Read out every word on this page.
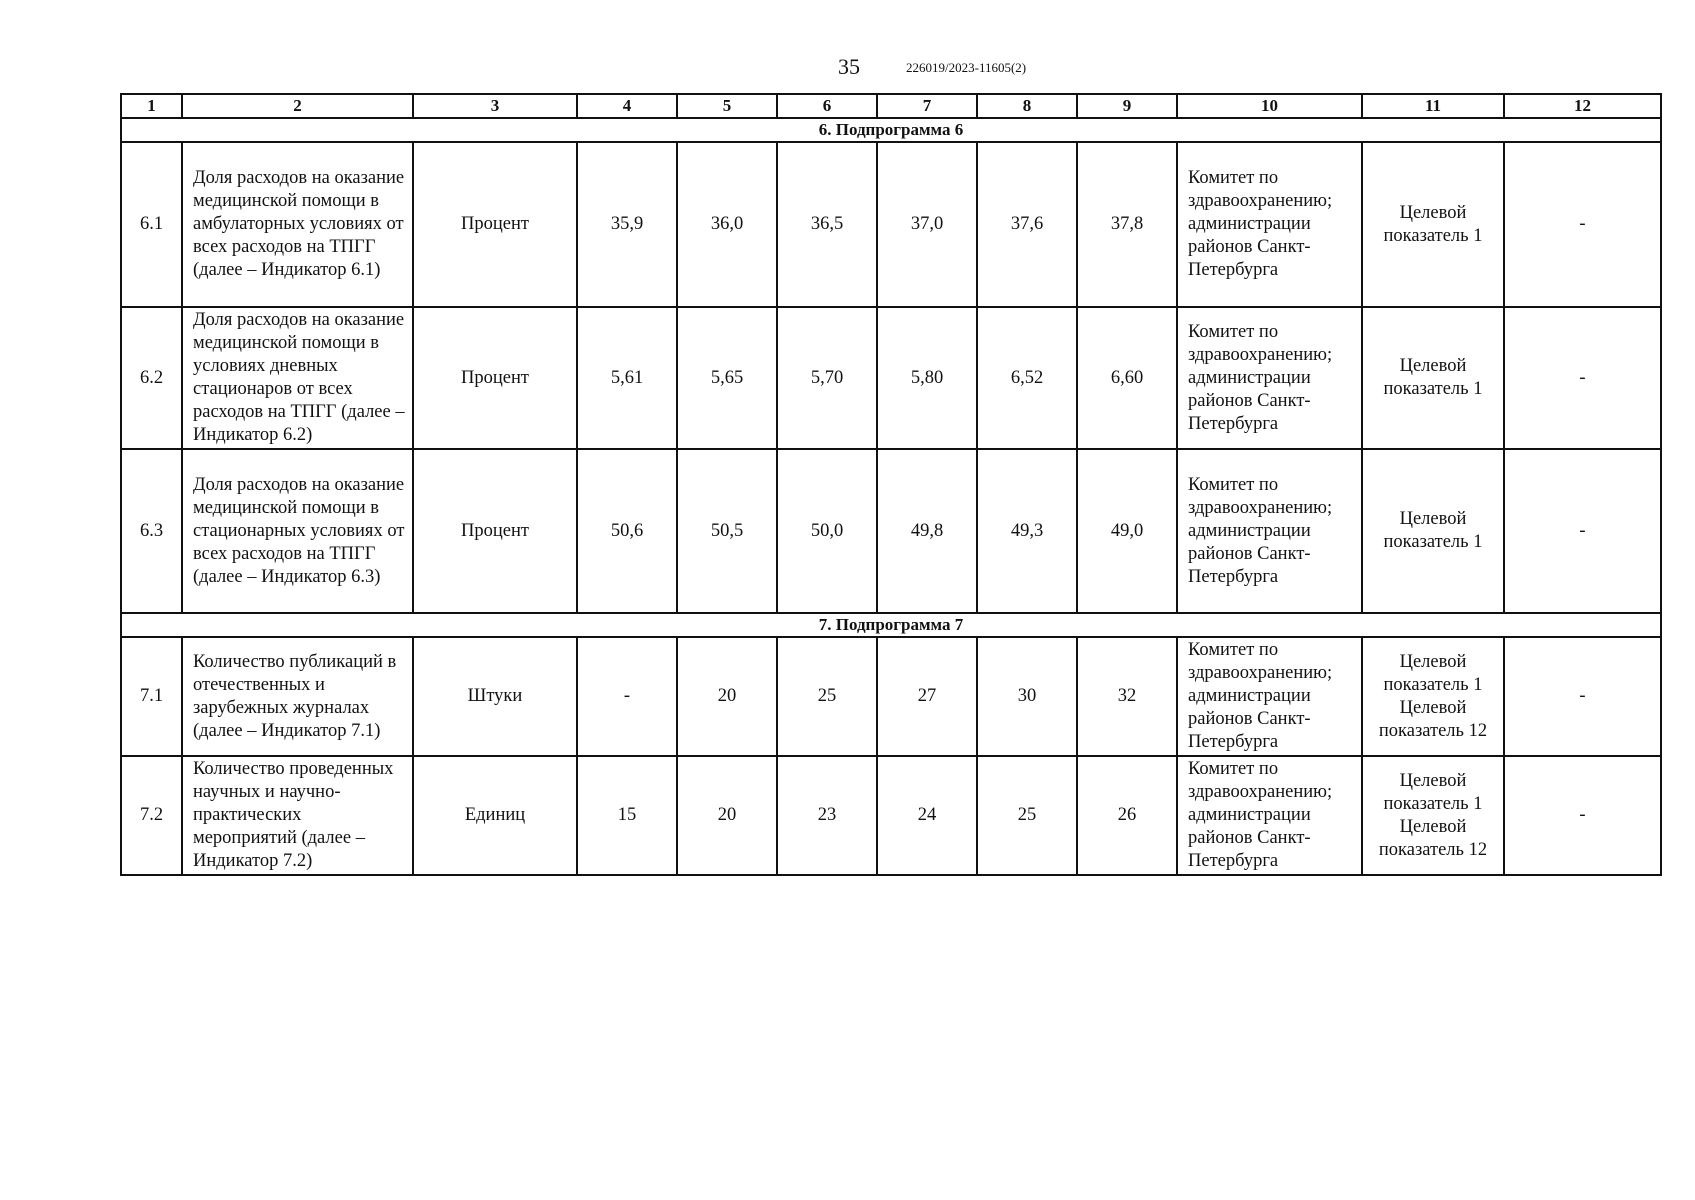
35	226019/2023-11605(2)
1	2	3	4	5	6	7	8	9	10	11	12
6. Подпрограмма 6											
6.1	Доля расходов на оказание медицинской помощи в амбулаторных условиях от всех расходов на ТПГГ (далее – Индикатор 6.1)	Процент	35,9	36,0	36,5	37,0	37,6	37,8	Комитет по здравоохранению; администрации районов Санкт-Петербурга	Целевой показатель 1	-
6.2	Доля расходов на оказание медицинской помощи в условиях дневных стационаров от всех расходов на ТПГГ (далее – Индикатор 6.2)	Процент	5,61	5,65	5,70	5,80	6,52	6,60	Комитет по здравоохранению; администрации районов Санкт-Петербурга	Целевой показатель 1	-
6.3	Доля расходов на оказание медицинской помощи в стационарных условиях от всех расходов на ТПГГ (далее – Индикатор 6.3)	Процент	50,6	50,5	50,0	49,8	49,3	49,0	Комитет по здравоохранению; администрации районов Санкт-Петербурга	Целевой показатель 1	-
7. Подпрограмма 7											
7.1	Количество публикаций в отечественных и зарубежных журналах (далее – Индикатор 7.1)	Штуки	-	20	25	27	30	32	Комитет по здравоохранению; администрации районов Санкт-Петербурга	Целевой показатель 1 Целевой показатель 12	-
7.2	Количество проведенных научных и научно-практических мероприятий (далее – Индикатор 7.2)	Единиц	15	20	23	24	25	26	Комитет по здравоохранению; администрации районов Санкт-Петербурга	Целевой показатель 1 Целевой показатель 12	-
